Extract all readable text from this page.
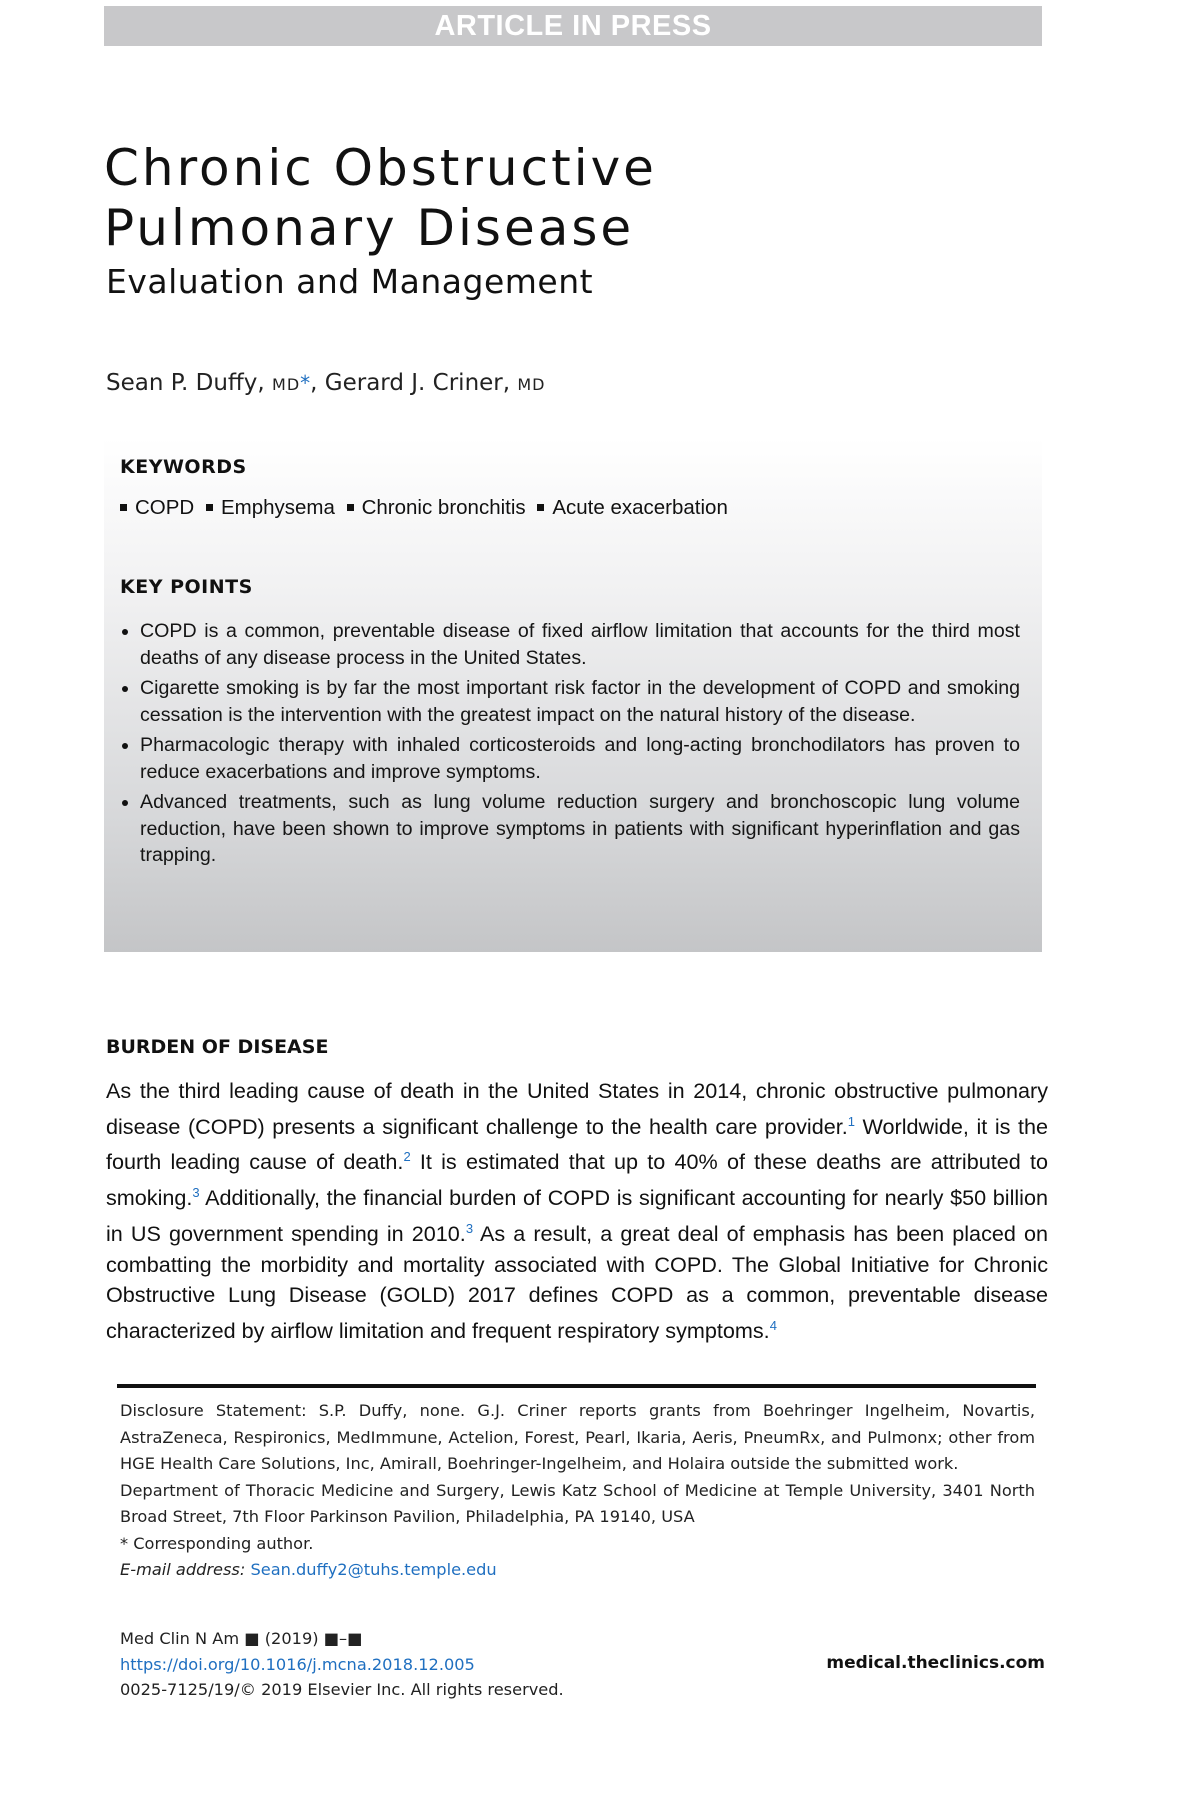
ARTICLE IN PRESS
Chronic Obstructive
Pulmonary Disease
Evaluation and Management
Sean P. Duffy, MD*, Gerard J. Criner, MD
KEYWORDS
COPD Emphysema Chronic bronchitis Acute exacerbation
KEY POINTS
COPD is a common, preventable disease of fixed airflow limitation that accounts for the third most deaths of any disease process in the United States.
Cigarette smoking is by far the most important risk factor in the development of COPD and smoking cessation is the intervention with the greatest impact on the natural history of the disease.
Pharmacologic therapy with inhaled corticosteroids and long-acting bronchodilators has proven to reduce exacerbations and improve symptoms.
Advanced treatments, such as lung volume reduction surgery and bronchoscopic lung volume reduction, have been shown to improve symptoms in patients with significant hyperinflation and gas trapping.
BURDEN OF DISEASE

As the third leading cause of death in the United States in 2014, chronic obstructive pulmonary disease (COPD) presents a significant challenge to the health care provider.$^1$ Worldwide, it is the fourth leading cause of death.$^2$ It is estimated that up to 40% of these deaths are attributed to smoking.$^3$ Additionally, the financial burden of COPD is significant accounting for nearly $50 billion in US government spending in 2010.$^3$ As a result, a great deal of emphasis has been placed on combatting the morbidity and mortality associated with COPD. The Global Initiative for Chronic Obstructive Lung Disease (GOLD) 2017 defines COPD as a common, preventable disease characterized by airflow limitation and frequent respiratory symptoms.$^4$

Disclosure Statement: S.P. Duffy, none. G.J. Criner reports grants from Boehringer Ingelheim, Novartis, AstraZeneca, Respironics, MedImmune, Actelion, Forest, Pearl, Ikaria, Aeris, PneumRx, and Pulmonx; other from HGE Health Care Solutions, Inc, Amirall, Boehringer-Ingelheim, and Holaira outside the submitted work.

Department of Thoracic Medicine and Surgery, Lewis Katz School of Medicine at Temple University, 3401 North Broad Street, 7th Floor Parkinson Pavilion, Philadelphia, PA 19140, USA

* Corresponding author.

E-mail address: Sean.duffy2@tuhs.temple.edu

Med Clin N Am ■ (2019) ■–■
https://doi.org/10.1016/j.mcna.2018.12.005
0025-7125/19/© 2019 Elsevier Inc. All rights reserved.
medical.theclinics.com
